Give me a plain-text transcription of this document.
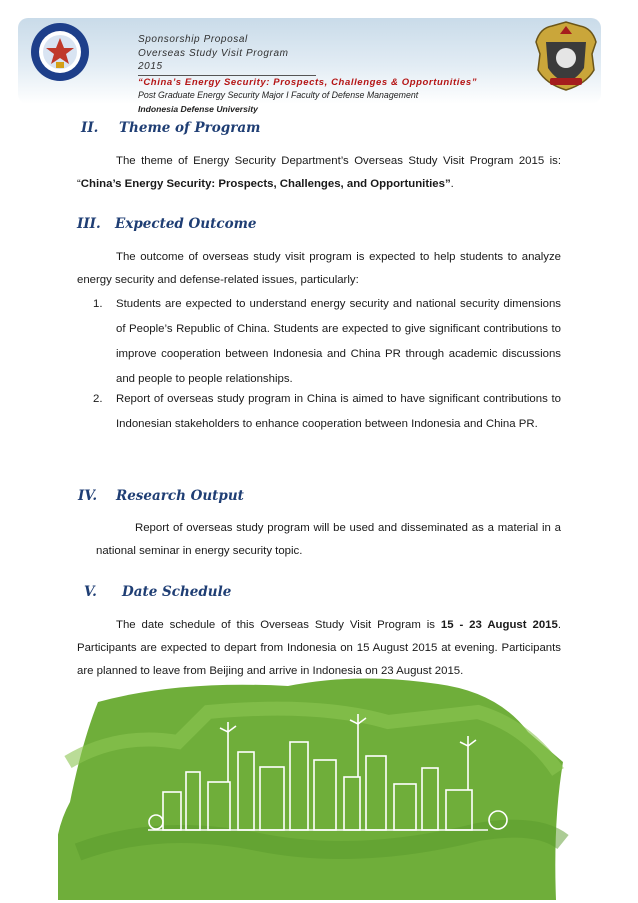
Sponsorship Proposal
Overseas Study Visit Program 2015
“China’s Energy Security: Prospects, Challenges & Opportunities”
Post Graduate Energy Security Major I Faculty of Defense Management
Indonesia Defense University
II. Theme of Program
The theme of Energy Security Department’s Overseas Study Visit Program 2015 is: “China’s Energy Security: Prospects, Challenges, and Opportunities”.
III. Expected Outcome
The outcome of overseas study visit program is expected to help students to analyze energy security and defense-related issues, particularly:
1. Students are expected to understand energy security and national security dimensions of People’s Republic of China. Students are expected to give significant contributions to improve cooperation between Indonesia and China PR through academic discussions and people to people relationships.
2. Report of overseas study program in China is aimed to have significant contributions to Indonesian stakeholders to enhance cooperation between Indonesia and China PR.
IV. Research Output
Report of overseas study program will be used and disseminated as a material in a national seminar in energy security topic.
V. Date Schedule
The date schedule of this Overseas Study Visit Program is 15 - 23 August 2015. Participants are expected to depart from Indonesia on 15 August 2015 at evening. Participants are planned to leave from Beijing and arrive in Indonesia on 23 August 2015.
